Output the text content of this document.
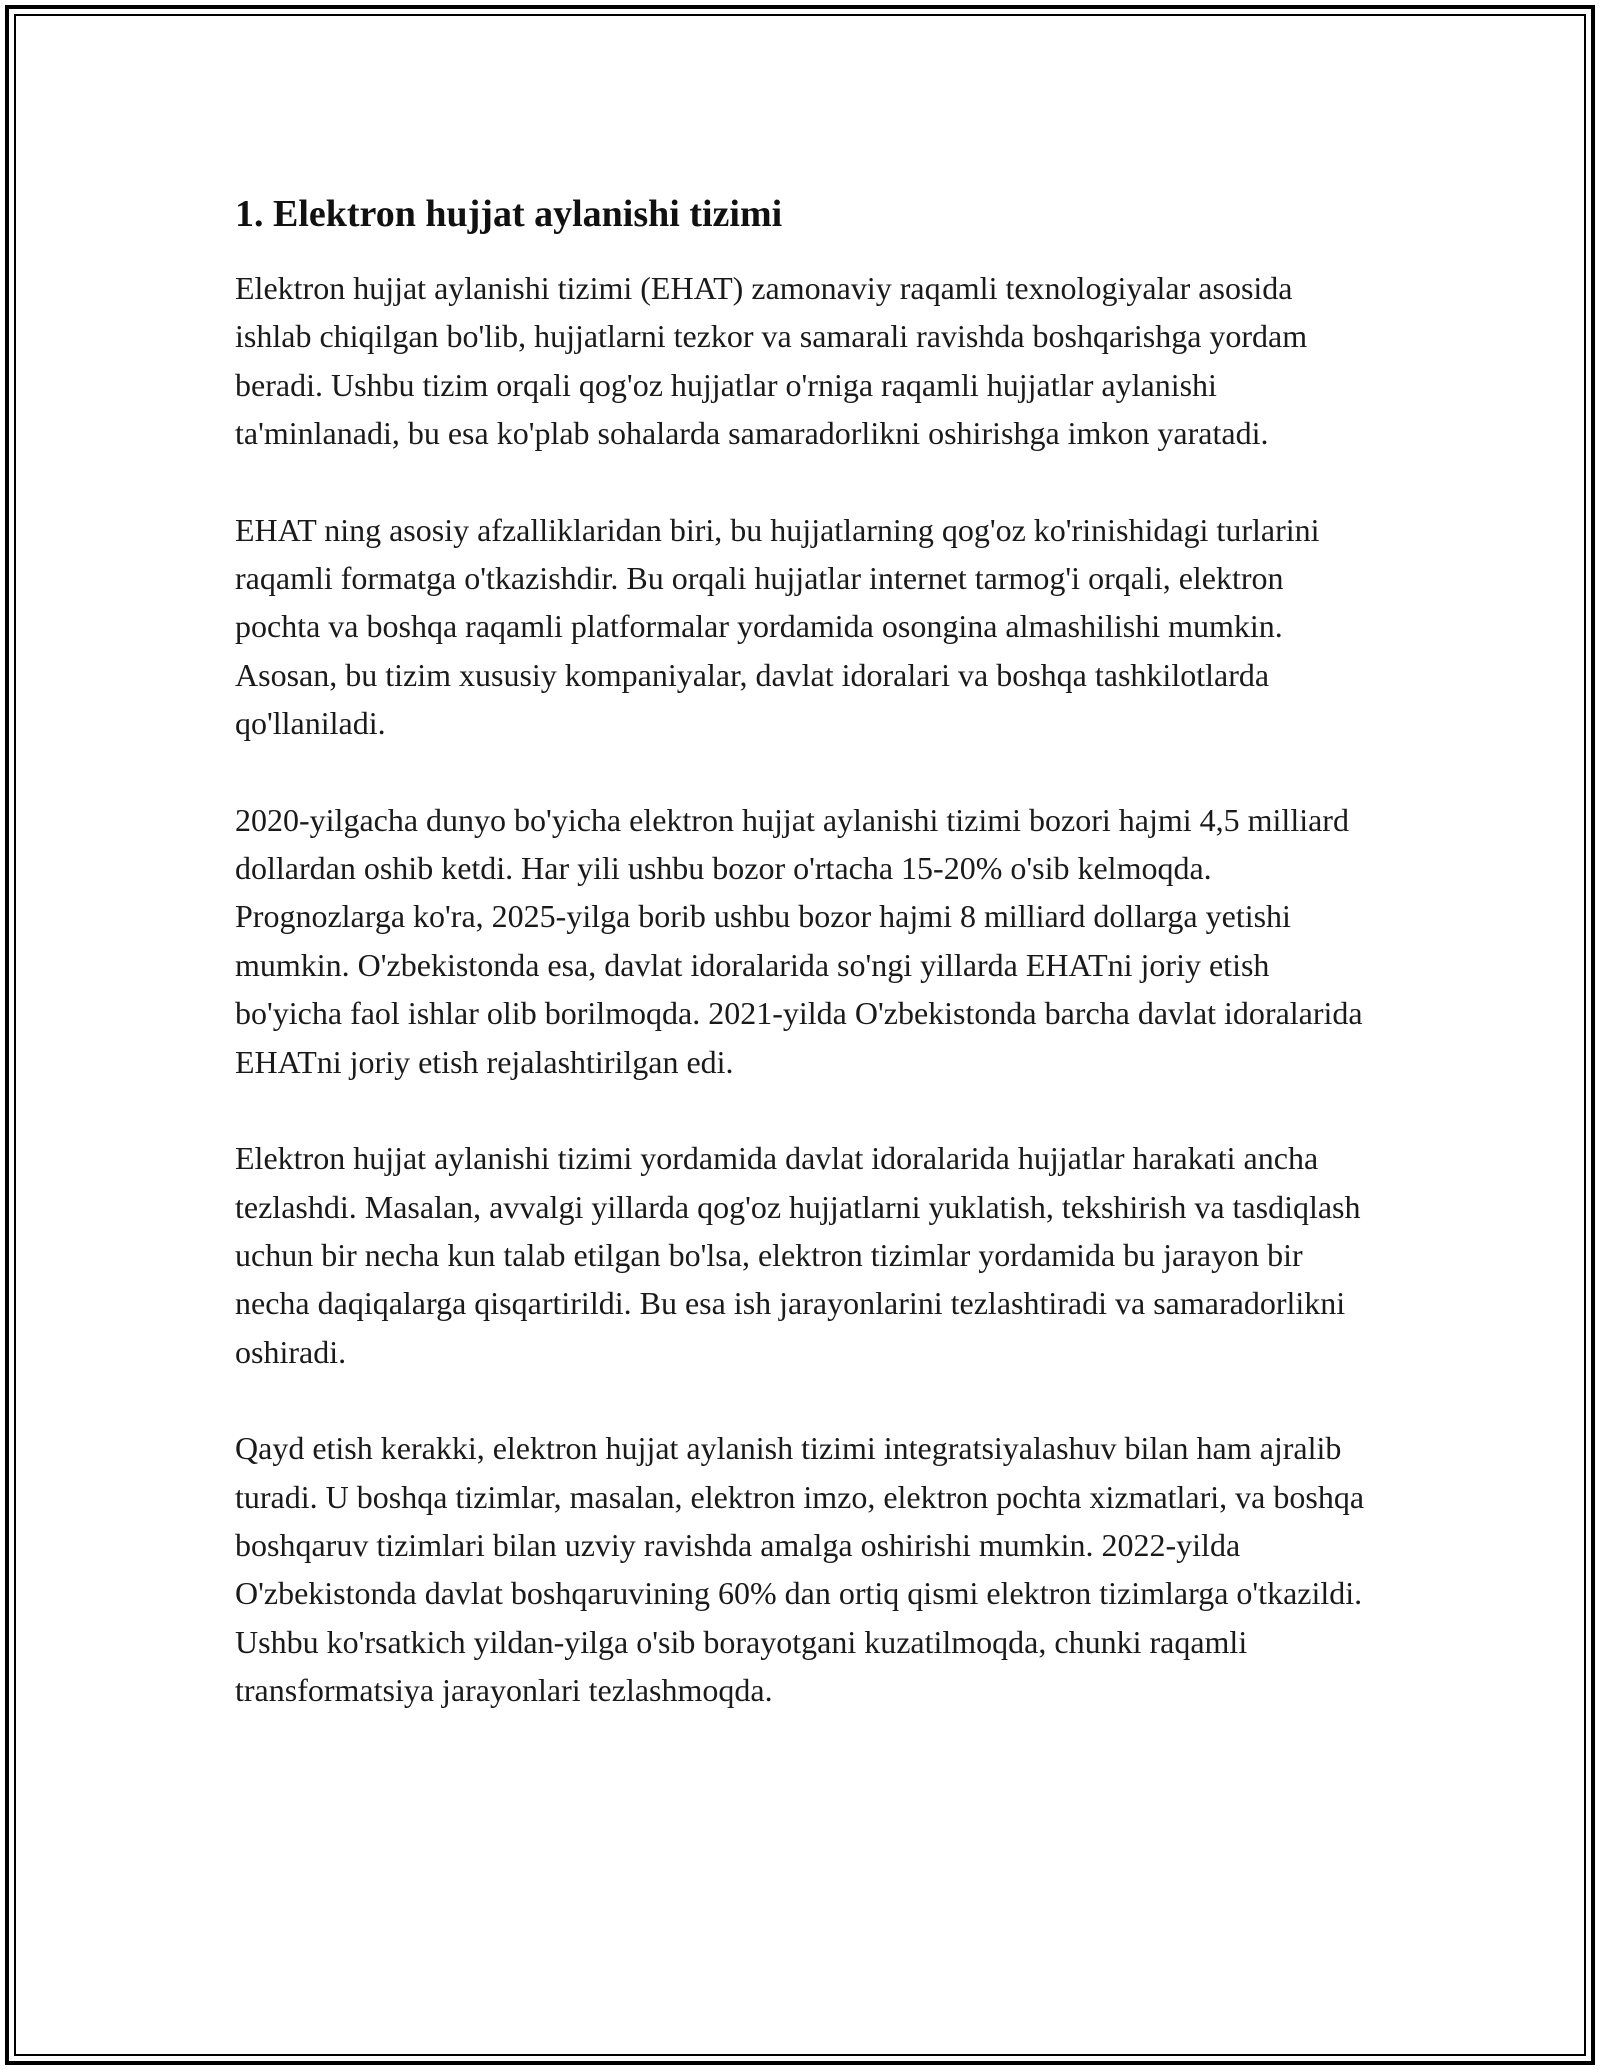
1. Elektron hujjat aylanishi tizimi

Elektron hujjat aylanishi tizimi (EHAT) zamonaviy raqamli texnologiyalar asosida ishlab chiqilgan bo'lib, hujjatlarni tezkor va samarali ravishda boshqarishga yordam beradi. Ushbu tizim orqali qog'oz hujjatlar o'rniga raqamli hujjatlar aylanishi ta'minlanadi, bu esa ko'plab sohalarda samaradorlikni oshirishga imkon yaratadi.

EHAT ning asosiy afzalliklaridan biri, bu hujjatlarning qog'oz ko'rinishidagi turlarini raqamli formatga o'tkazishdir. Bu orqali hujjatlar internet tarmog'i orqali, elektron pochta va boshqa raqamli platformalar yordamida osongina almashilishi mumkin. Asosan, bu tizim xususiy kompaniyalar, davlat idoralari va boshqa tashkilotlarda qo'llaniladi.

2020-yilgacha dunyo bo'yicha elektron hujjat aylanishi tizimi bozori hajmi 4,5 milliard dollardan oshib ketdi. Har yili ushbu bozor o'rtacha 15-20% o'sib kelmoqda. Prognozlarga ko'ra, 2025-yilga borib ushbu bozor hajmi 8 milliard dollarga yetishi mumkin. O'zbekistonda esa, davlat idoralarida so'ngi yillarda EHATni joriy etish bo'yicha faol ishlar olib borilmoqda. 2021-yilda O'zbekistonda barcha davlat idoralarida EHATni joriy etish rejalashtirilgan edi.

Elektron hujjat aylanishi tizimi yordamida davlat idoralarida hujjatlar harakati ancha tezlashdi. Masalan, avvalgi yillarda qog'oz hujjatlarni yuklatish, tekshirish va tasdiqlash uchun bir necha kun talab etilgan bo'lsa, elektron tizimlar yordamida bu jarayon bir necha daqiqalarga qisqartirildi. Bu esa ish jarayonlarini tezlashtiradi va samaradorlikni oshiradi.

Qayd etish kerakki, elektron hujjat aylanish tizimi integratsiyalashuv bilan ham ajralib turadi. U boshqa tizimlar, masalan, elektron imzo, elektron pochta xizmatlari, va boshqa boshqaruv tizimlari bilan uzviy ravishda amalga oshirishi mumkin. 2022-yilda O'zbekistonda davlat boshqaruvining 60% dan ortiq qismi elektron tizimlarga o'tkazildi. Ushbu ko'rsatkich yildan-yilga o'sib borayotgani kuzatilmoqda, chunki raqamli transformatsiya jarayonlari tezlashmoqda.
